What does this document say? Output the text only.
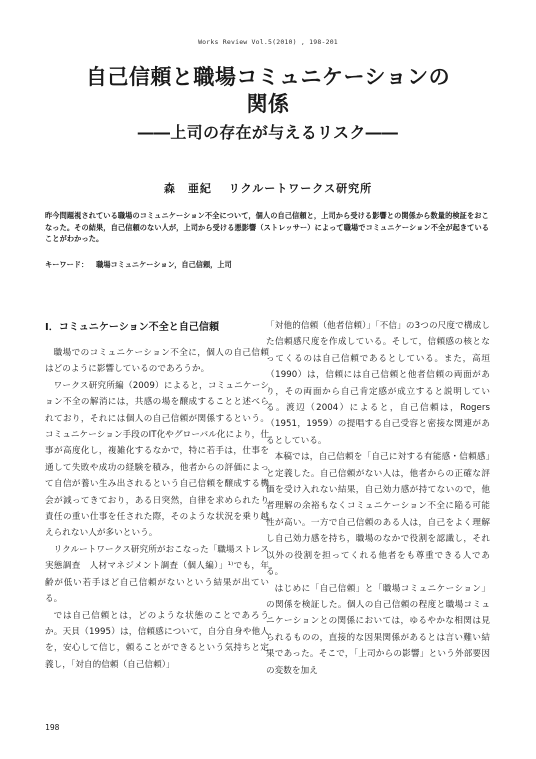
Works Review Vol.5(2010) , 198-201
自己信頼と職場コミュニケーションの
関係
――上司の存在が与えるリスク――
森　亜紀 リクルートワークス研究所
昨今問題視されている職場のコミュニケーション不全について，個人の自己信頼と，上司から受ける影響との関係から数量的検証をおこなった。その結果，自己信頼のない人が，上司から受ける悪影響（ストレッサー）によって職場でコミュニケーション不全が起きていることがわかった。
キーワード： 職場コミュニケーション，自己信頼，上司
I．コミュニケーション不全と自己信頼

職場でのコミュニケーション不全に，個人の自己信頼はどのように影響しているのであろうか。

ワークス研究所編（2009）によると，コミュニケーション不全の解消には，共感の場を醸成することと述べられており，それには個人の自己信頼が関係するという。コミュニケーション手段のIT化やグローバル化により，仕事が高度化し，複雑化するなかで，特に若手は，仕事を通して失敗や成功の経験を積み，他者からの評価によって自信が養い生み出されるという自己信頼を醸成する機会が減ってきており，ある日突然，自律を求められたり責任の重い仕事を任された際，そのような状況を乗り越えられない人が多いという。

リクルートワークス研究所がおこなった「職場ストレス実態調査　人材マネジメント調査（個人編）」¹⁾でも，年齢が低い若手ほど自己信頼がないという結果が出ている。

では自己信頼とは，どのような状態のことであろうか。天貝（1995）は，信頼感について，自分自身や他人を，安心して信じ，頼ることができるという気持ちと定義し，「対自的信頼（自己信頼）」

「対他的信頼（他者信頼）」「不信」の3つの尺度で構成した信頼感尺度を作成している。そして，信頼感の核となってくるのは自己信頼であるとしている。また，高垣（1990）は，信頼には自己信頼と他者信頼の両面があり，その両面から自己肯定感が成立すると説明している。渡辺（2004）によると，自己信頼は，Rogers（1951，1959）の提唱する自己受容と密接な関連があるとしている。

本稿では，自己信頼を「自己に対する有能感・信頼感」と定義した。自己信頼がない人は，他者からの正確な評価を受け入れない結果，自己効力感が持てないので，他者理解の余裕もなくコミュニケーション不全に陥る可能性が高い。一方で自己信頼のある人は，自己をよく理解し自己効力感を持ち，職場のなかで役割を認識し，それ以外の役割を担ってくれる他者をも尊重できる人である。

はじめに「自己信頼」と「職場コミュニケーション」の関係を検証した。個人の自己信頼の程度と職場コミュニケーションとの関係においては，ゆるやかな相関は見られるものの，直接的な因果関係があるとは言い難い結果であった。そこで，「上司からの影響」という外部要因の変数を加え

198
